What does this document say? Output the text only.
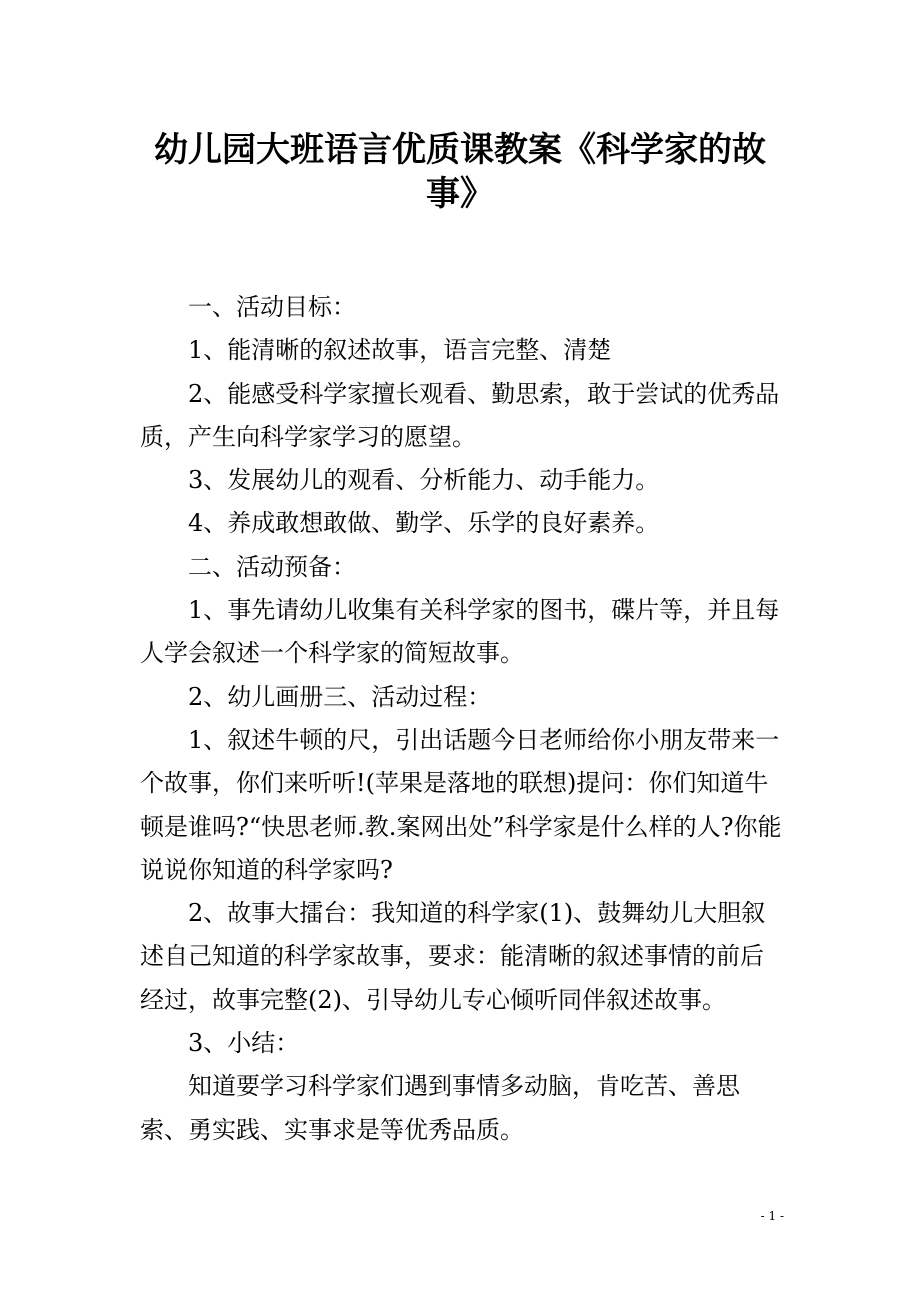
幼儿园大班语言优质课教案《科学家的故
事》

一、活动目标：

1、能清晰的叙述故事，语言完整、清楚

2、能感受科学家擅长观看、勤思索，敢于尝试的优秀品质，产生向科学家学习的愿望。

3、发展幼儿的观看、分析能力、动手能力。

4、养成敢想敢做、勤学、乐学的良好素养。

二、活动预备：

1、事先请幼儿收集有关科学家的图书，碟片等，并且每人学会叙述一个科学家的简短故事。

2、幼儿画册三、活动过程：

1、叙述牛顿的尺，引出话题今日老师给你小朋友带来一个故事，你们来听听!(苹果是落地的联想)提问：你们知道牛顿是谁吗?“快思老师.教.案网出处”科学家是什么样的人?你能说说你知道的科学家吗?

2、故事大擂台：我知道的科学家(1)、鼓舞幼儿大胆叙述自己知道的科学家故事，要求：能清晰的叙述事情的前后经过，故事完整(2)、引导幼儿专心倾听同伴叙述故事。

3、小结：

知道要学习科学家们遇到事情多动脑，肯吃苦、善思索、勇实践、实事求是等优秀品质。

- 1 -
